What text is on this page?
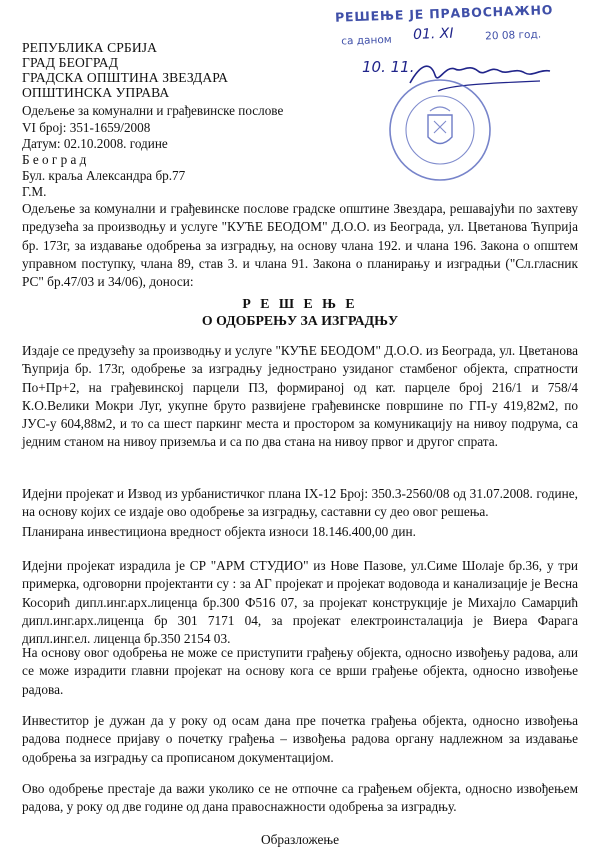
РЕПУБЛИКА СРБИЈА
ГРАД БЕОГРАД
ГРАДСКА ОПШТИНА ЗВЕЗДАРА
ОПШТИНСКА УПРАВА
Одељење за комунални и грађевинске послове
VI број: 351-1659/2008
Датум: 02.10.2008. године
Б е о г р а д
Бул. краља Александра бр.77
Г.М.
РЕШЕЊЕ ЈЕ ПРАВОСНАЖНО
са даном 01. XI	20 08 год.
10. 11.

Одељење за комунални и грађевинске послове градске општине Звездара, решавајући по захтеву предузећа за производњу и услуге "КУЋЕ БЕОДОМ" Д.О.О. из Београда, ул. Цветанова Ћуприја бр. 173г, за издавање одобрења за изградњу, на основу члана 192. и члана 196. Закона о општем управном поступку, члана 89, став 3. и члана 91. Закона о планирању и изградњи ("Сл.гласник РС" бр.47/03 и 34/06), доноси:

Р Е Ш Е Њ Е
О ОДОБРЕЊУ ЗА ИЗГРАДЊУ

Издаје се предузећу за производњу и услуге "КУЋЕ БЕОДОМ" Д.О.О. из Београда, ул. Цветанова Ћуприја бр. 173г, одобрење за изградњу једнострано узиданог стамбеног објекта, спратности По+Пр+2, на грађевинској парцели П3, формираној од кат. парцеле број 216/1 и 758/4 К.О.Велики Мокри Луг, укупне бруто развијене грађевинске површине по ГП-у 419,82м2, по ЈУС-у 604,88м2, и то са шест паркинг места и простором за комуникацију на нивоу подрума, са једним станом на нивоу приземља и са по два стана на нивоу првог и другог спрата.

Идејни пројекат и Извод из урбанистичког плана IX-12 Број: 350.3-2560/08 од 31.07.2008. године, на основу којих се издаје ово одобрење за изградњу, саставни су део овог решења.

Планирана инвестициона вредност објекта износи 18.146.400,00 дин.

Идејни пројекат израдила је СР "АРМ СТУДИО" из Нове Пазове, ул.Симе Шолаје бр.36, у три примерка, одговорни пројектанти су : за АГ пројекат и пројекат водовода и канализације је Весна Косорић дипл.инг.арх.лиценца бр.300 Ф516 07, за пројекат конструкције је Михајло Самарџић дипл.инг.арх.лиценца бр 301 7171 04, за пројекат електроинсталација је Виера Фарага дипл.инг.ел. лиценца бр.350 2154 03.

На основу овог одобрења не може се приступити грађењу објекта, односно извођењу радова, али се може израдити главни пројекат на основу кога се врши грађење објекта, односно извођење радова.

Инвеститор је дужан да у року од осам дана пре почетка грађења објекта, односно извођења радова поднесе пријаву о почетку грађења – извођења радова органу надлежном за издавање одобрења за изградњу са прописаном документацијом.

Ово одобрење престаје да важи уколико се не отпочне са грађењем објекта, односно извођењем радова, у року од две године од дана правоснажности одобрења за изградњу.

Образложење
